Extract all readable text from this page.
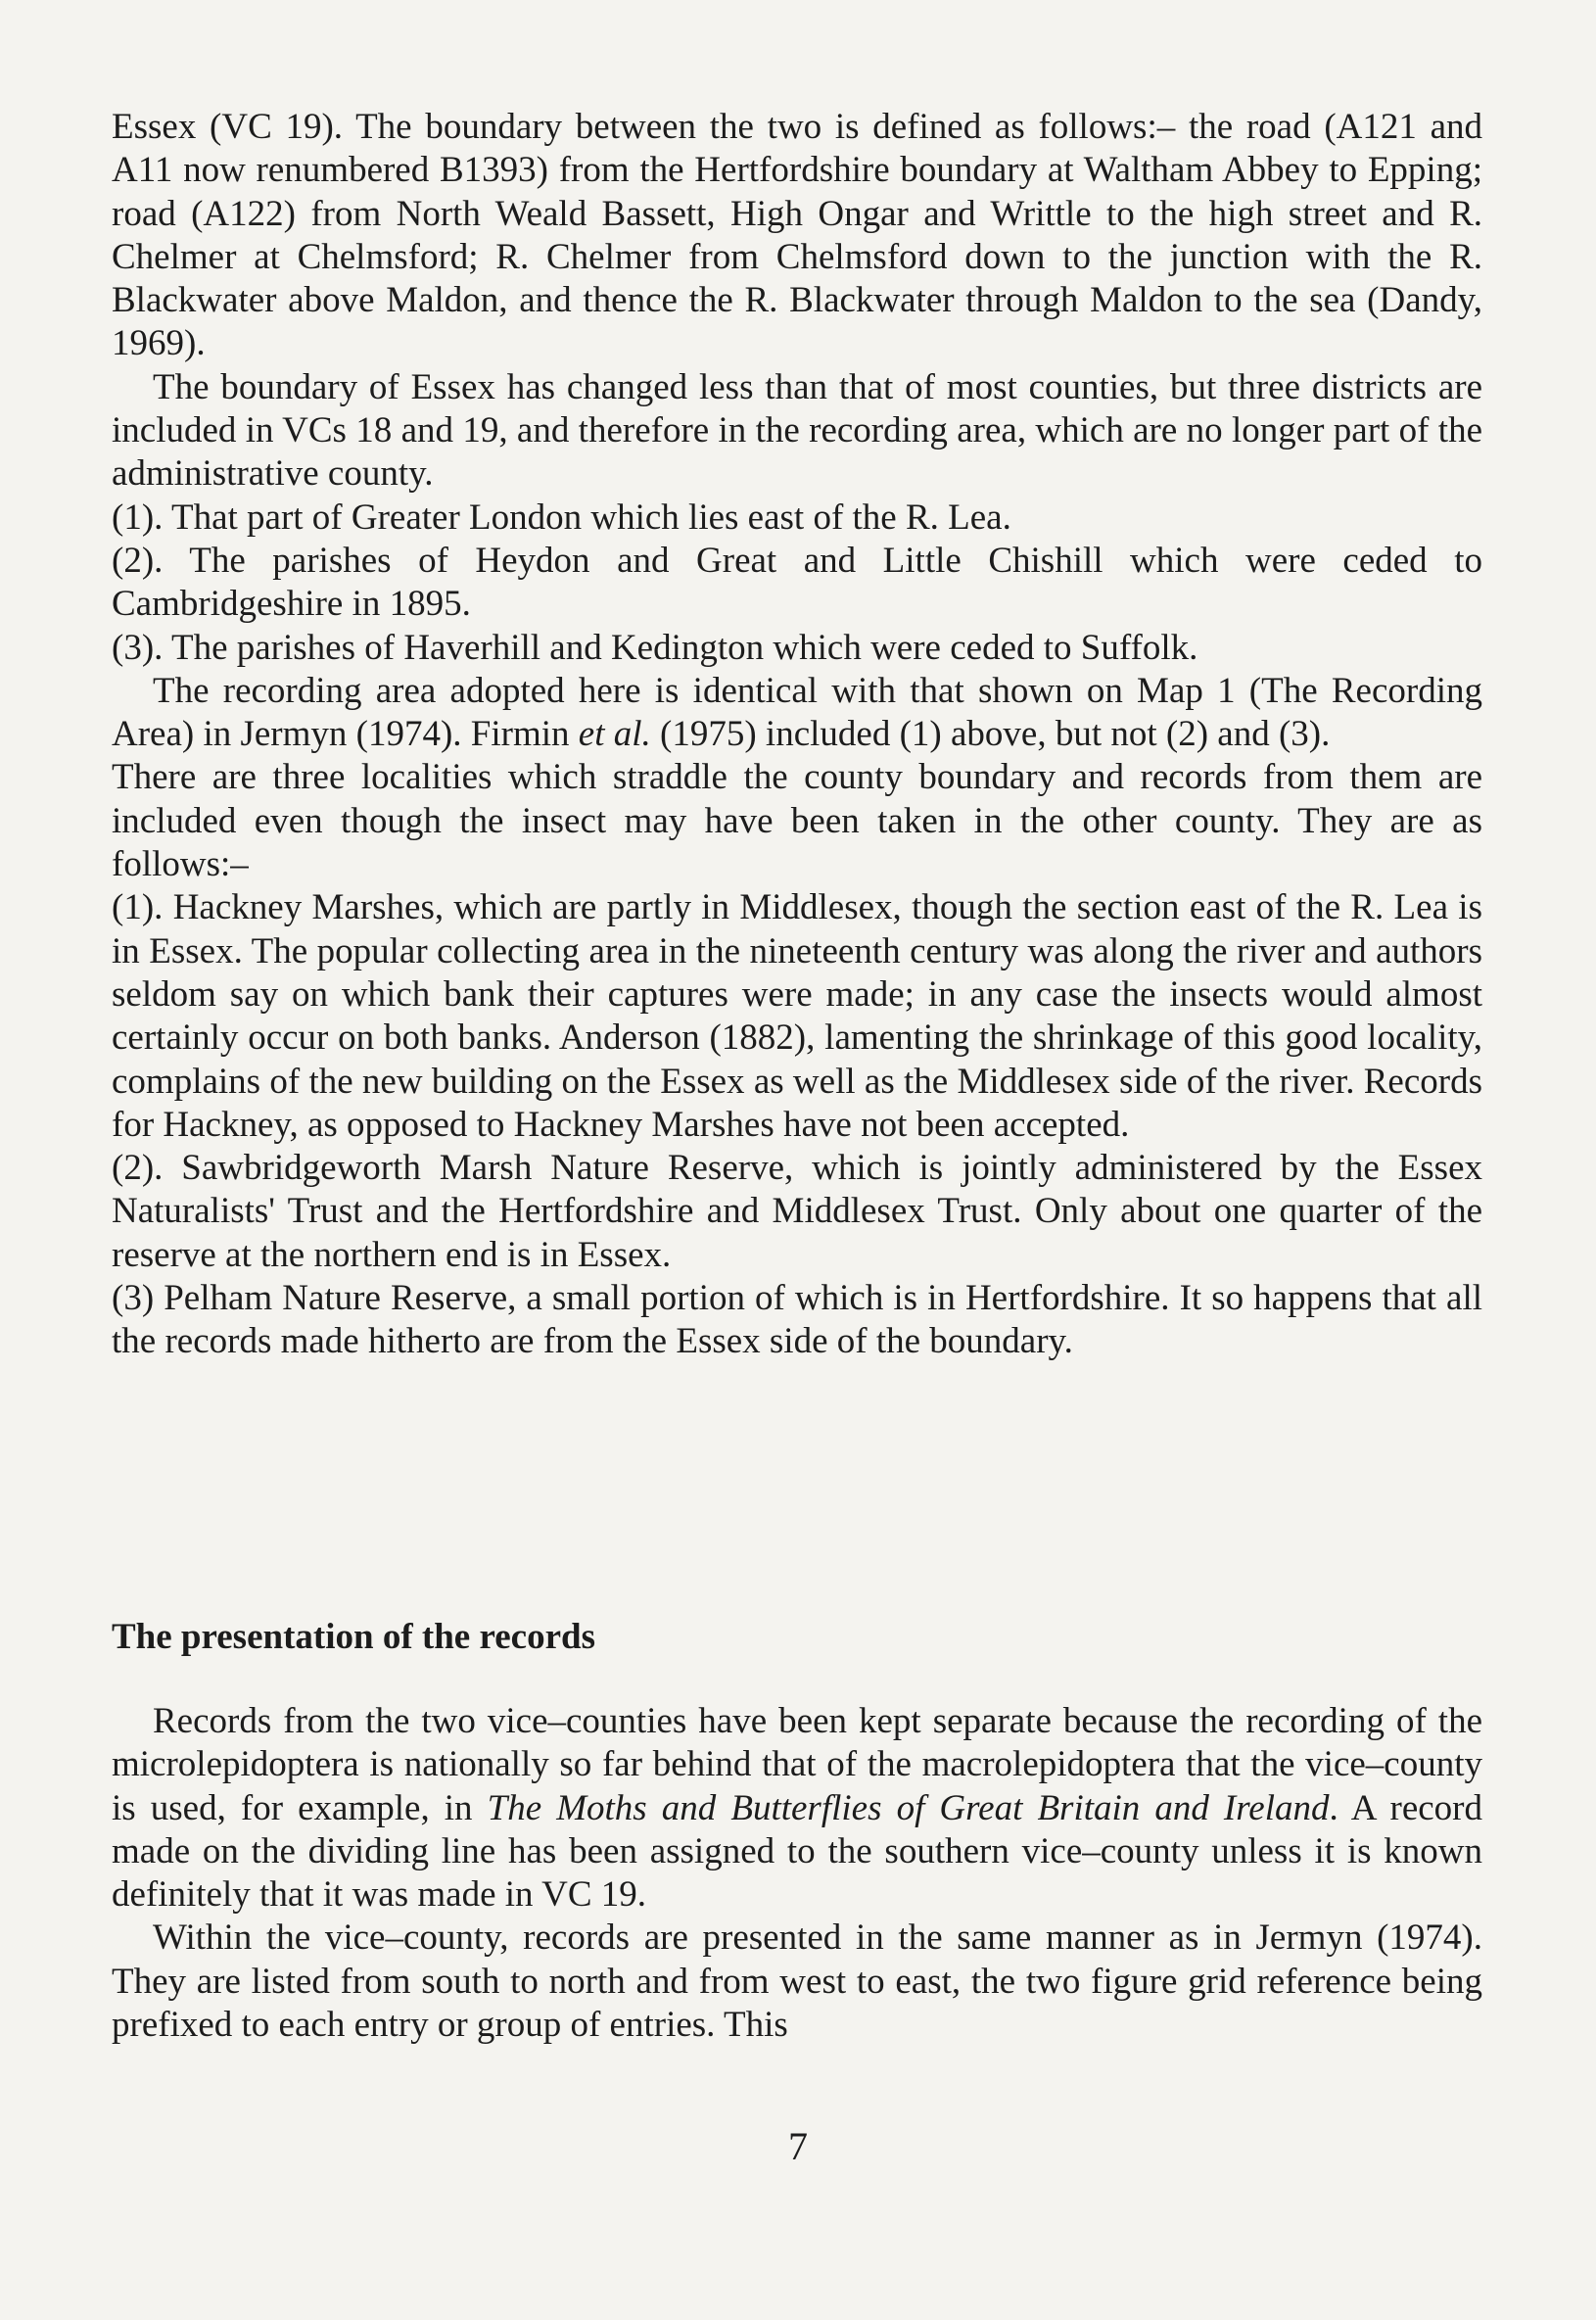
Essex (VC 19). The boundary between the two is defined as follows:– the road (A121 and A11 now renumbered B1393) from the Hertfordshire boundary at Waltham Abbey to Epping; road (A122) from North Weald Bassett, High Ongar and Writtle to the high street and R. Chelmer at Chelmsford; R. Chelmer from Chelmsford down to the junction with the R. Blackwater above Maldon, and thence the R. Blackwater through Maldon to the sea (Dandy, 1969).

The boundary of Essex has changed less than that of most counties, but three districts are included in VCs 18 and 19, and therefore in the recording area, which are no longer part of the administrative county.

(1). That part of Greater London which lies east of the R. Lea.

(2). The parishes of Heydon and Great and Little Chishill which were ceded to Cambridgeshire in 1895.

(3). The parishes of Haverhill and Kedington which were ceded to Suffolk.

The recording area adopted here is identical with that shown on Map 1 (The Recording Area) in Jermyn (1974). Firmin et al. (1975) included (1) above, but not (2) and (3).

There are three localities which straddle the county boundary and records from them are included even though the insect may have been taken in the other county. They are as follows:–

(1). Hackney Marshes, which are partly in Middlesex, though the section east of the R. Lea is in Essex. The popular collecting area in the nineteenth century was along the river and authors seldom say on which bank their captures were made; in any case the insects would almost certainly occur on both banks. Anderson (1882), lamenting the shrinkage of this good locality, complains of the new building on the Essex as well as the Middlesex side of the river. Records for Hackney, as opposed to Hackney Marshes have not been accepted.

(2). Sawbridgeworth Marsh Nature Reserve, which is jointly administered by the Essex Naturalists' Trust and the Hertfordshire and Middlesex Trust. Only about one quarter of the reserve at the northern end is in Essex.

(3) Pelham Nature Reserve, a small portion of which is in Hertfordshire. It so happens that all the records made hitherto are from the Essex side of the boundary.

The presentation of the records

Records from the two vice–counties have been kept separate because the recording of the microlepidoptera is nationally so far behind that of the macrolepidoptera that the vice–county is used, for example, in The Moths and Butterflies of Great Britain and Ireland. A record made on the dividing line has been assigned to the southern vice–county unless it is known definitely that it was made in VC 19.

Within the vice–county, records are presented in the same manner as in Jermyn (1974). They are listed from south to north and from west to east, the two figure grid reference being prefixed to each entry or group of entries. This

7
